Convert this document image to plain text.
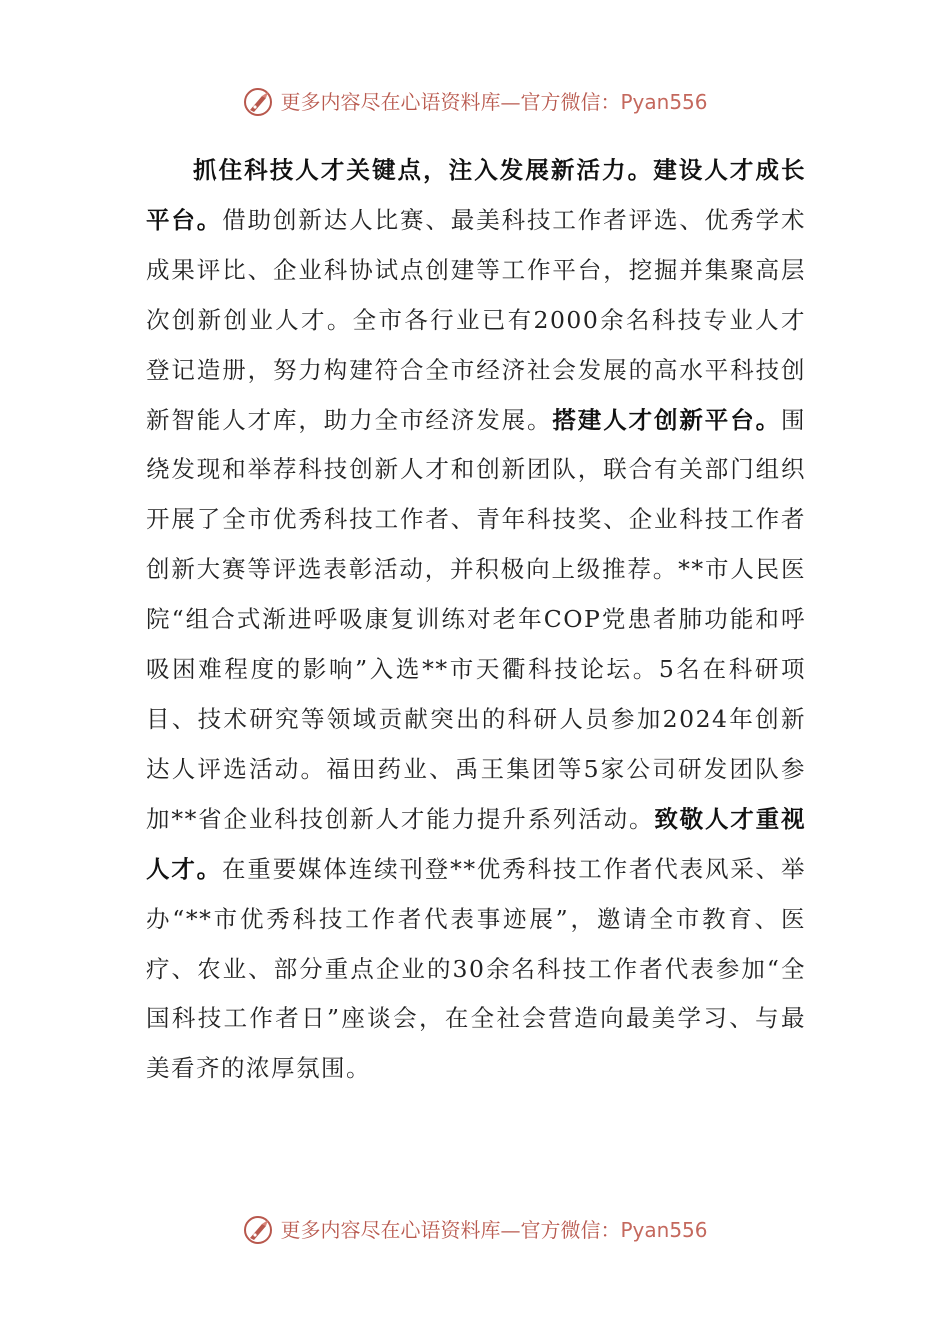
更多内容尽在心语资料库—官方微信：Pyan556

抓住科技人才关键点，注入发展新活力。建设人才成长平台。借助创新达人比赛、最美科技工作者评选、优秀学术成果评比、企业科协试点创建等工作平台，挖掘并集聚高层次创新创业人才。全市各行业已有2000余名科技专业人才登记造册，努力构建符合全市经济社会发展的高水平科技创新智能人才库，助力全市经济发展。搭建人才创新平台。围绕发现和举荐科技创新人才和创新团队，联合有关部门组织开展了全市优秀科技工作者、青年科技奖、企业科技工作者创新大赛等评选表彰活动，并积极向上级推荐。**市人民医院“组合式渐进呼吸康复训练对老年COP党患者肺功能和呼吸困难程度的影响”入选**市天衢科技论坛。5名在科研项目、技术研究等领域贡献突出的科研人员参加2024年创新达人评选活动。福田药业、禹王集团等5家公司研发团队参加**省企业科技创新人才能力提升系列活动。致敬人才重视人才。在重要媒体连续刊登**优秀科技工作者代表风采、举办“**市优秀科技工作者代表事迹展”，邀请全市教育、医疗、农业、部分重点企业的30余名科技工作者代表参加“全国科技工作者日”座谈会，在全社会营造向最美学习、与最美看齐的浓厚氛围。

更多内容尽在心语资料库—官方微信：Pyan556
